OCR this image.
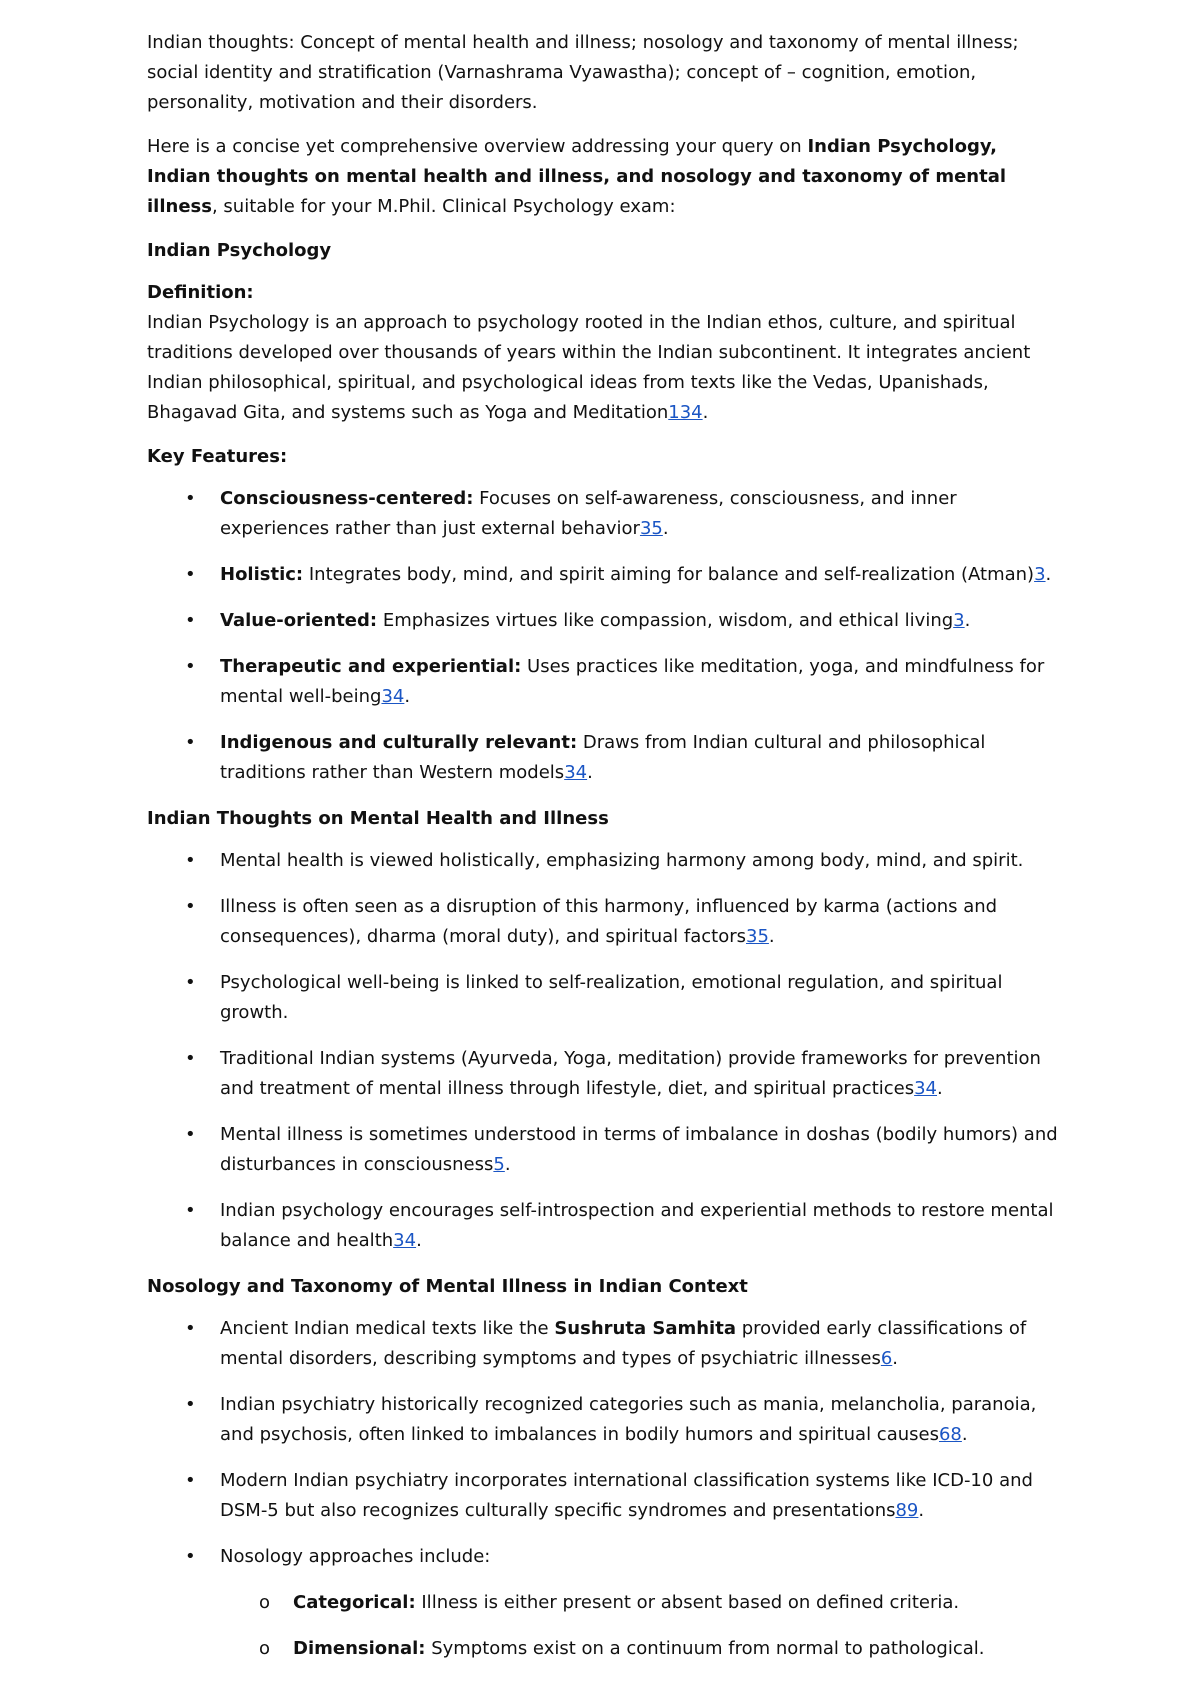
Indian thoughts: Concept of mental health and illness; nosology and taxonomy of mental illness; social identity and stratification (Varnashrama Vyawastha); concept of – cognition, emotion, personality, motivation and their disorders.

Here is a concise yet comprehensive overview addressing your query on Indian Psychology, Indian thoughts on mental health and illness, and nosology and taxonomy of mental illness, suitable for your M.Phil. Clinical Psychology exam:

Indian Psychology

Definition:

Indian Psychology is an approach to psychology rooted in the Indian ethos, culture, and spiritual traditions developed over thousands of years within the Indian subcontinent. It integrates ancient Indian philosophical, spiritual, and psychological ideas from texts like the Vedas, Upanishads, Bhagavad Gita, and systems such as Yoga and Meditation134.

Key Features:

•	Consciousness-centered: Focuses on self-awareness, consciousness, and inner experiences rather than just external behavior35.
•	Holistic: Integrates body, mind, and spirit aiming for balance and self-realization (Atman)3.
•	Value-oriented: Emphasizes virtues like compassion, wisdom, and ethical living3.
•	Therapeutic and experiential: Uses practices like meditation, yoga, and mindfulness for mental well-being34.
•	Indigenous and culturally relevant: Draws from Indian cultural and philosophical traditions rather than Western models34.

Indian Thoughts on Mental Health and Illness

•	Mental health is viewed holistically, emphasizing harmony among body, mind, and spirit.
•	Illness is often seen as a disruption of this harmony, influenced by karma (actions and consequences), dharma (moral duty), and spiritual factors35.
•	Psychological well-being is linked to self-realization, emotional regulation, and spiritual growth.
•	Traditional Indian systems (Ayurveda, Yoga, meditation) provide frameworks for prevention and treatment of mental illness through lifestyle, diet, and spiritual practices34.
•	Mental illness is sometimes understood in terms of imbalance in doshas (bodily humors) and disturbances in consciousness5.
•	Indian psychology encourages self-introspection and experiential methods to restore mental balance and health34.

Nosology and Taxonomy of Mental Illness in Indian Context

•	Ancient Indian medical texts like the Sushruta Samhita provided early classifications of mental disorders, describing symptoms and types of psychiatric illnesses6.
•	Indian psychiatry historically recognized categories such as mania, melancholia, paranoia, and psychosis, often linked to imbalances in bodily humors and spiritual causes68.
•	Modern Indian psychiatry incorporates international classification systems like ICD-10 and DSM-5 but also recognizes culturally specific syndromes and presentations89.
•	Nosology approaches include:
o Categorical: Illness is either present or absent based on defined criteria.
o Dimensional: Symptoms exist on a continuum from normal to pathological.
